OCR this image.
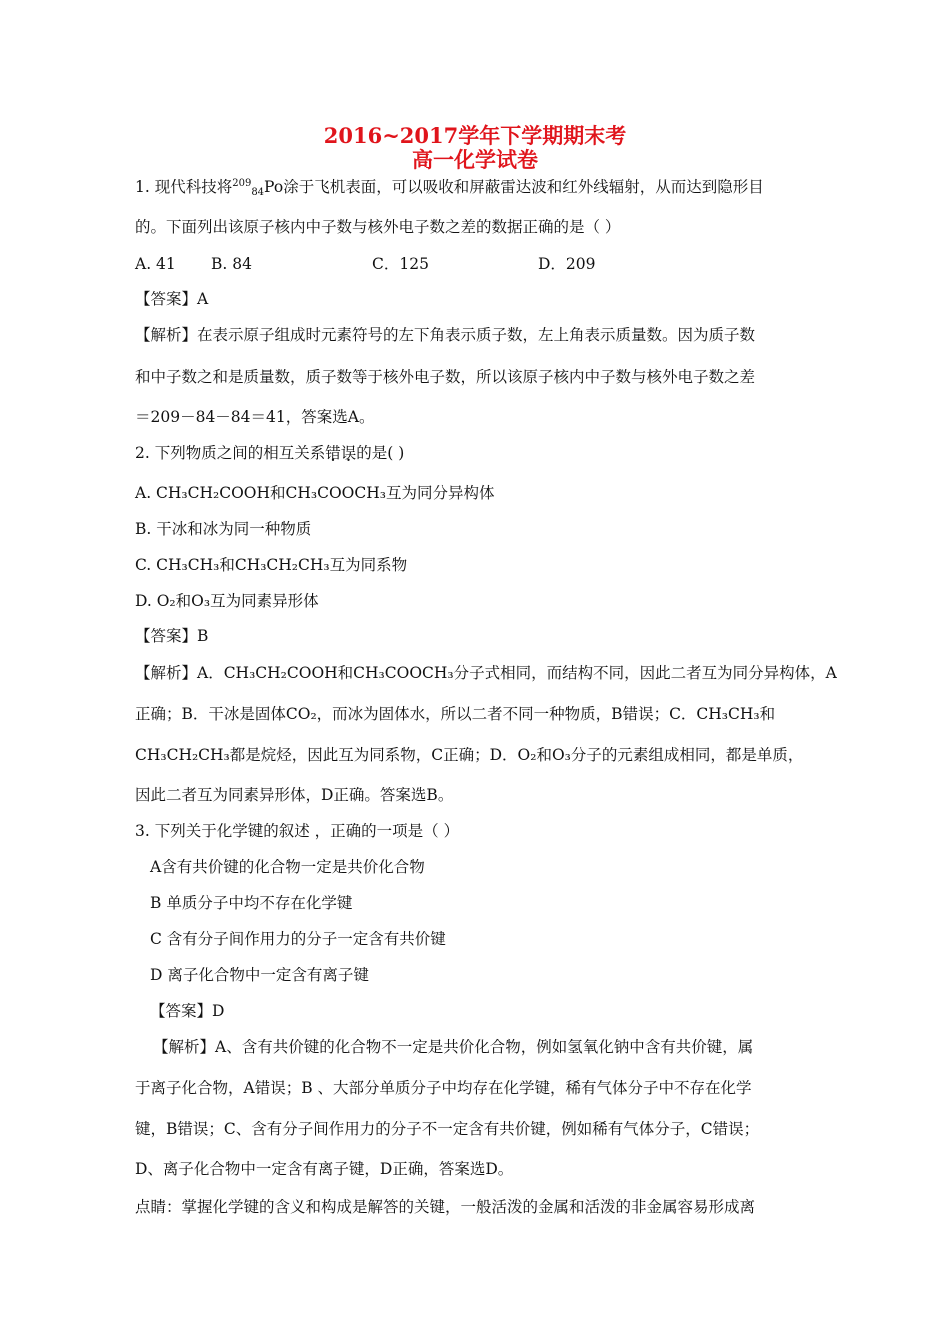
2016~2017学年下学期期末考
高一化学试卷
1. 现代科技将$^{209}_{84}$Po涂于飞机表面，可以吸收和屏蔽雷达波和红外线辐射，从而达到隐形目
的。下面列出该原子核内中子数与核外电子数之差的数据正确的是（ ）
A. 41 B. 84	C．125	D．209
【答案】A
【解析】在表示原子组成时元素符号的左下角表示质子数，左上角表示质量数。因为质子数
和中子数之和是质量数，质子数等于核外电子数，所以该原子核内中子数与核外电子数之差
＝209－84－84＝41，答案选A。
2. 下列物质之间的相互关系错误的是( )
A. CH₃CH₂COOH和CH₃COOCH₃互为同分异构体
B. 干冰和冰为同一种物质
C. CH₃CH₃和CH₃CH₂CH₃互为同系物
D. O₂和O₃互为同素异形体
【答案】B
【解析】A．CH₃CH₂COOH和CH₃COOCH₃分子式相同，而结构不同，因此二者互为同分异构体，A
正确；B．干冰是固体CO₂，而冰为固体水，所以二者不同一种物质，B错误；C．CH₃CH₃和
CH₃CH₂CH₃都是烷烃，因此互为同系物，C正确；D．O₂和O₃分子的元素组成相同，都是单质，
因此二者互为同素异形体，D正确。答案选B。
3. 下列关于化学键的叙述 ，正确的一项是（ ）
A含有共价键的化合物一定是共价化合物
B 单质分子中均不存在化学键
C 含有分子间作用力的分子一定含有共价键
D 离子化合物中一定含有离子键
【答案】D
【解析】A、含有共价键的化合物不一定是共价化合物，例如氢氧化钠中含有共价键，属
于离子化合物，A错误；B 、大部分单质分子中均存在化学键，稀有气体分子中不存在化学
键，B错误；C、含有分子间作用力的分子不一定含有共价键，例如稀有气体分子，C错误；
D、离子化合物中一定含有离子键，D正确，答案选D。
点睛：掌握化学键的含义和构成是解答的关键，一般活泼的金属和活泼的非金属容易形成离
